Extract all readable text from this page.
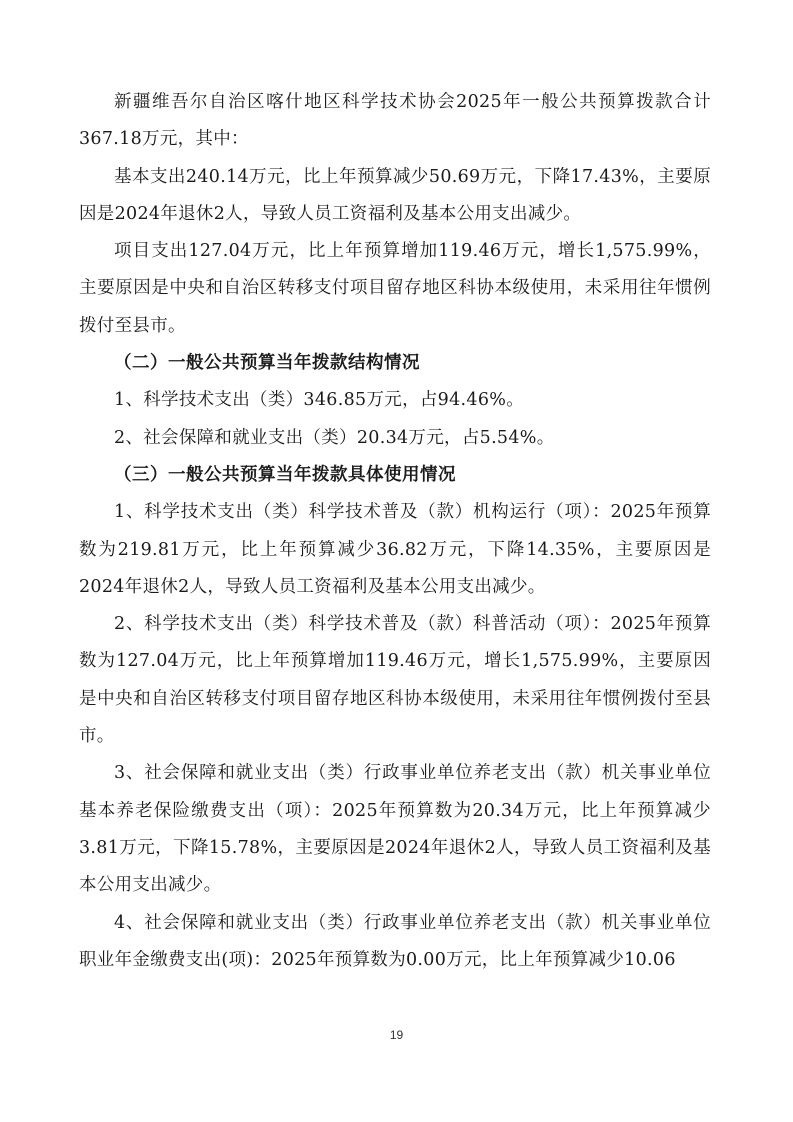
新疆维吾尔自治区喀什地区科学技术协会2025年一般公共预算拨款合计367.18万元，其中：

基本支出240.14万元，比上年预算减少50.69万元，下降17.43%，主要原因是2024年退休2人，导致人员工资福利及基本公用支出减少。

项目支出127.04万元，比上年预算增加119.46万元，增长1,575.99%，主要原因是中央和自治区转移支付项目留存地区科协本级使用，未采用往年惯例拨付至县市。

（二）一般公共预算当年拨款结构情况

1、科学技术支出（类）346.85万元，占94.46%。

2、社会保障和就业支出（类）20.34万元，占5.54%。

（三）一般公共预算当年拨款具体使用情况

1、科学技术支出（类）科学技术普及（款）机构运行（项）：2025年预算数为219.81万元，比上年预算减少36.82万元，下降14.35%，主要原因是2024年退休2人，导致人员工资福利及基本公用支出减少。

2、科学技术支出（类）科学技术普及（款）科普活动（项）：2025年预算数为127.04万元，比上年预算增加119.46万元，增长1,575.99%，主要原因是中央和自治区转移支付项目留存地区科协本级使用，未采用往年惯例拨付至县市。

3、社会保障和就业支出（类）行政事业单位养老支出（款）机关事业单位基本养老保险缴费支出（项）：2025年预算数为20.34万元，比上年预算减少3.81万元，下降15.78%，主要原因是2024年退休2人，导致人员工资福利及基本公用支出减少。

4、社会保障和就业支出（类）行政事业单位养老支出（款）机关事业单位职业年金缴费支出(项)：2025年预算数为0.00万元，比上年预算减少10.06

19
